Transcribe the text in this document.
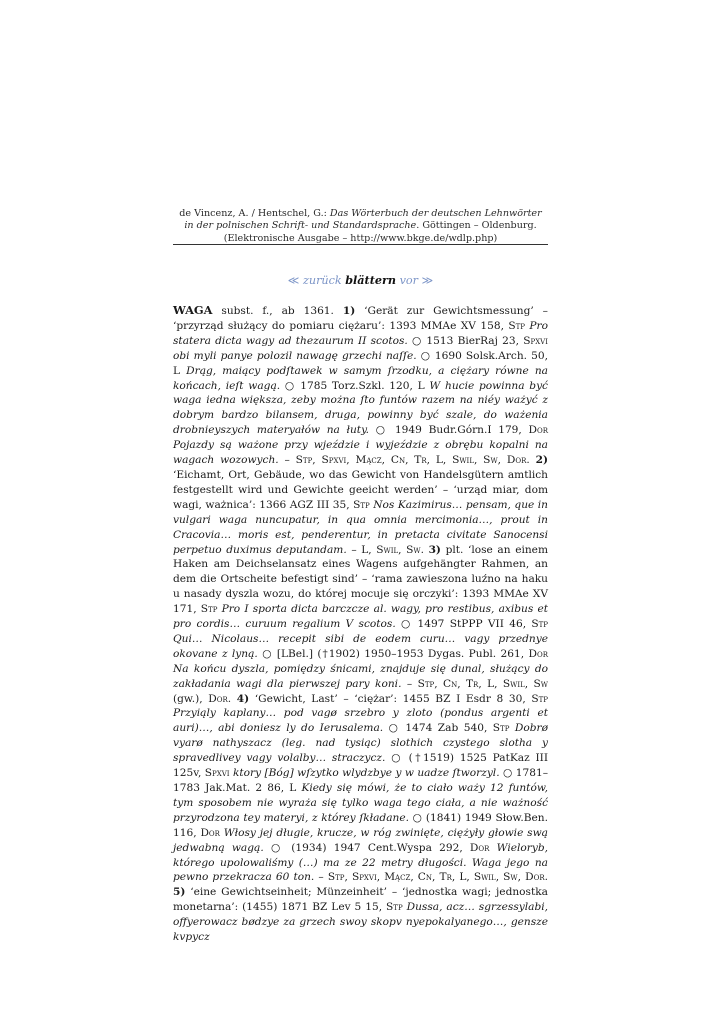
de Vincenz, A. / Hentschel, G.: Das Wörterbuch der deutschen Lehnwörter
in der polnischen Schrift- und Standardsprache. Göttingen – Oldenburg.
(Elektronische Ausgabe – http://www.bkge.de/wdlp.php)
≪ zurück blättern vor ≫
WAGA subst. f., ab 1361. 1) ‘Gerät zur Gewichtsmessung’ – ‘przyrząd służący do pomiaru ciężaru’: 1393 MMAe XV 158, Stp Pro statera dicta wagy ad thezaurum II scotos. ○ 1513 BierRaj 23, Spxvi obi myli panye polozil nawagę grzechi naſſe. ○ 1690 Solsk.Arch. 50, L Drąg, maiący podſtawek w samym ſrzodku, a ciężary równe na końcach, ieſt wagą. ○ 1785 Torz.Szkl. 120, L W hucie powinna być waga iedna większa, zeby można ſto funtów razem na niéy ważyć z dobrym bardzo bilansem, druga, powinny być szale, do ważenia drobnieyszych materyałów na łuty. ○ 1949 Budr.Górn.I 179, Dor Pojazdy są ważone przy wjeździe i wyjeździe z obrębu kopalni na wagach wozowych. – Stp, Spxvi, Mącz, Cn, Tr, L, Swil, Sw, Dor. 2) ‘Eichamt, Ort, Gebäude, wo das Gewicht von Handelsgütern amtlich festgestellt wird und Gewichte geeicht werden’ – ‘urząd miar, dom wagi, ważnica’: 1366 AGZ III 35, Stp Nos Kazimirus… pensam, que in vulgari waga nuncupatur, in qua omnia mercimonia…, prout in Cracovia… moris est, penderentur, in pretacta civitate Sanocensi perpetuo duximus deputandam. – L, Swil, Sw. 3) plt. ‘lose an einem Haken am Deichselansatz eines Wagens aufgehängter Rahmen, an dem die Ortscheite befestigt sind’ – ‘rama zawieszona luźno na haku u nasady dyszla wozu, do której mocuje się orczyki’: 1393 MMAe XV 171, Stp Pro I sporta dicta barczcze al. wagy, pro restibus, axibus et pro cordis… curuum regalium V scotos. ○ 1497 StPPP VII 46, Stp Qui… Nicolaus… recepit sibi de eodem curu… vagy przednye okovane z lyną. ○ [LBel.] (†1902) 1950–1953 Dygas. Publ. 261, Dor Na końcu dyszla, pomiędzy śnicami, znajduje się dunal, służący do zakładania wagi dla pierwszej pary koni. – Stp, Cn, Tr, L, Swil, Sw (gw.), Dor. 4) ‘Gewicht, Last’ – ‘ciężar’: 1455 BZ I Esdr 8 30, Stp Przyiąly kaplany… pod vagø srzebro y zloto (pondus argenti et auri)…, abi doniesz ly do Ierusalema. ○ 1474 Zab 540, Stp Dobrø vyarø nathyszacz (leg. nad tysiąc) slothich czystego slotha y spravedlivey vagy volalby… straczycz. ○ (†1519) 1525 PatKaz III 125v, Spxvi ktory [Bóg] wſzytko wlydzbye y w uadze ſtworzyl. ○ 1781–1783 Jak.Mat. 2 86, L Kiedy się mówi, że to ciało waży 12 funtów, tym sposobem nie wyraża się tylko waga tego ciała, a nie ważność przyrodzona tey materyi, z którey ſkładane. ○ (1841) 1949 Słow.Ben. 116, Dor Włosy jej długie, krucze, w róg zwinięte, ciężyły głowie swą jedwabną wagą. ○ (1934) 1947 Cent.Wyspa 292, Dor Wieloryb, którego upolowaliśmy (…) ma ze 22 metry długości. Waga jego na pewno przekracza 60 ton. – Stp, Spxvi, Mącz, Cn, Tr, L, Swil, Sw, Dor. 5) ‘eine Gewichtseinheit; Münzeinheit’ – ‘jednostka wagi; jednostka monetarna’: (1455) 1871 BZ Lev 5 15, Stp Dussa, acz… sgrzessylabi, offyerowacz bødzye za grzech swoy skopv nyepokalyanego…, gensze kvpycz
